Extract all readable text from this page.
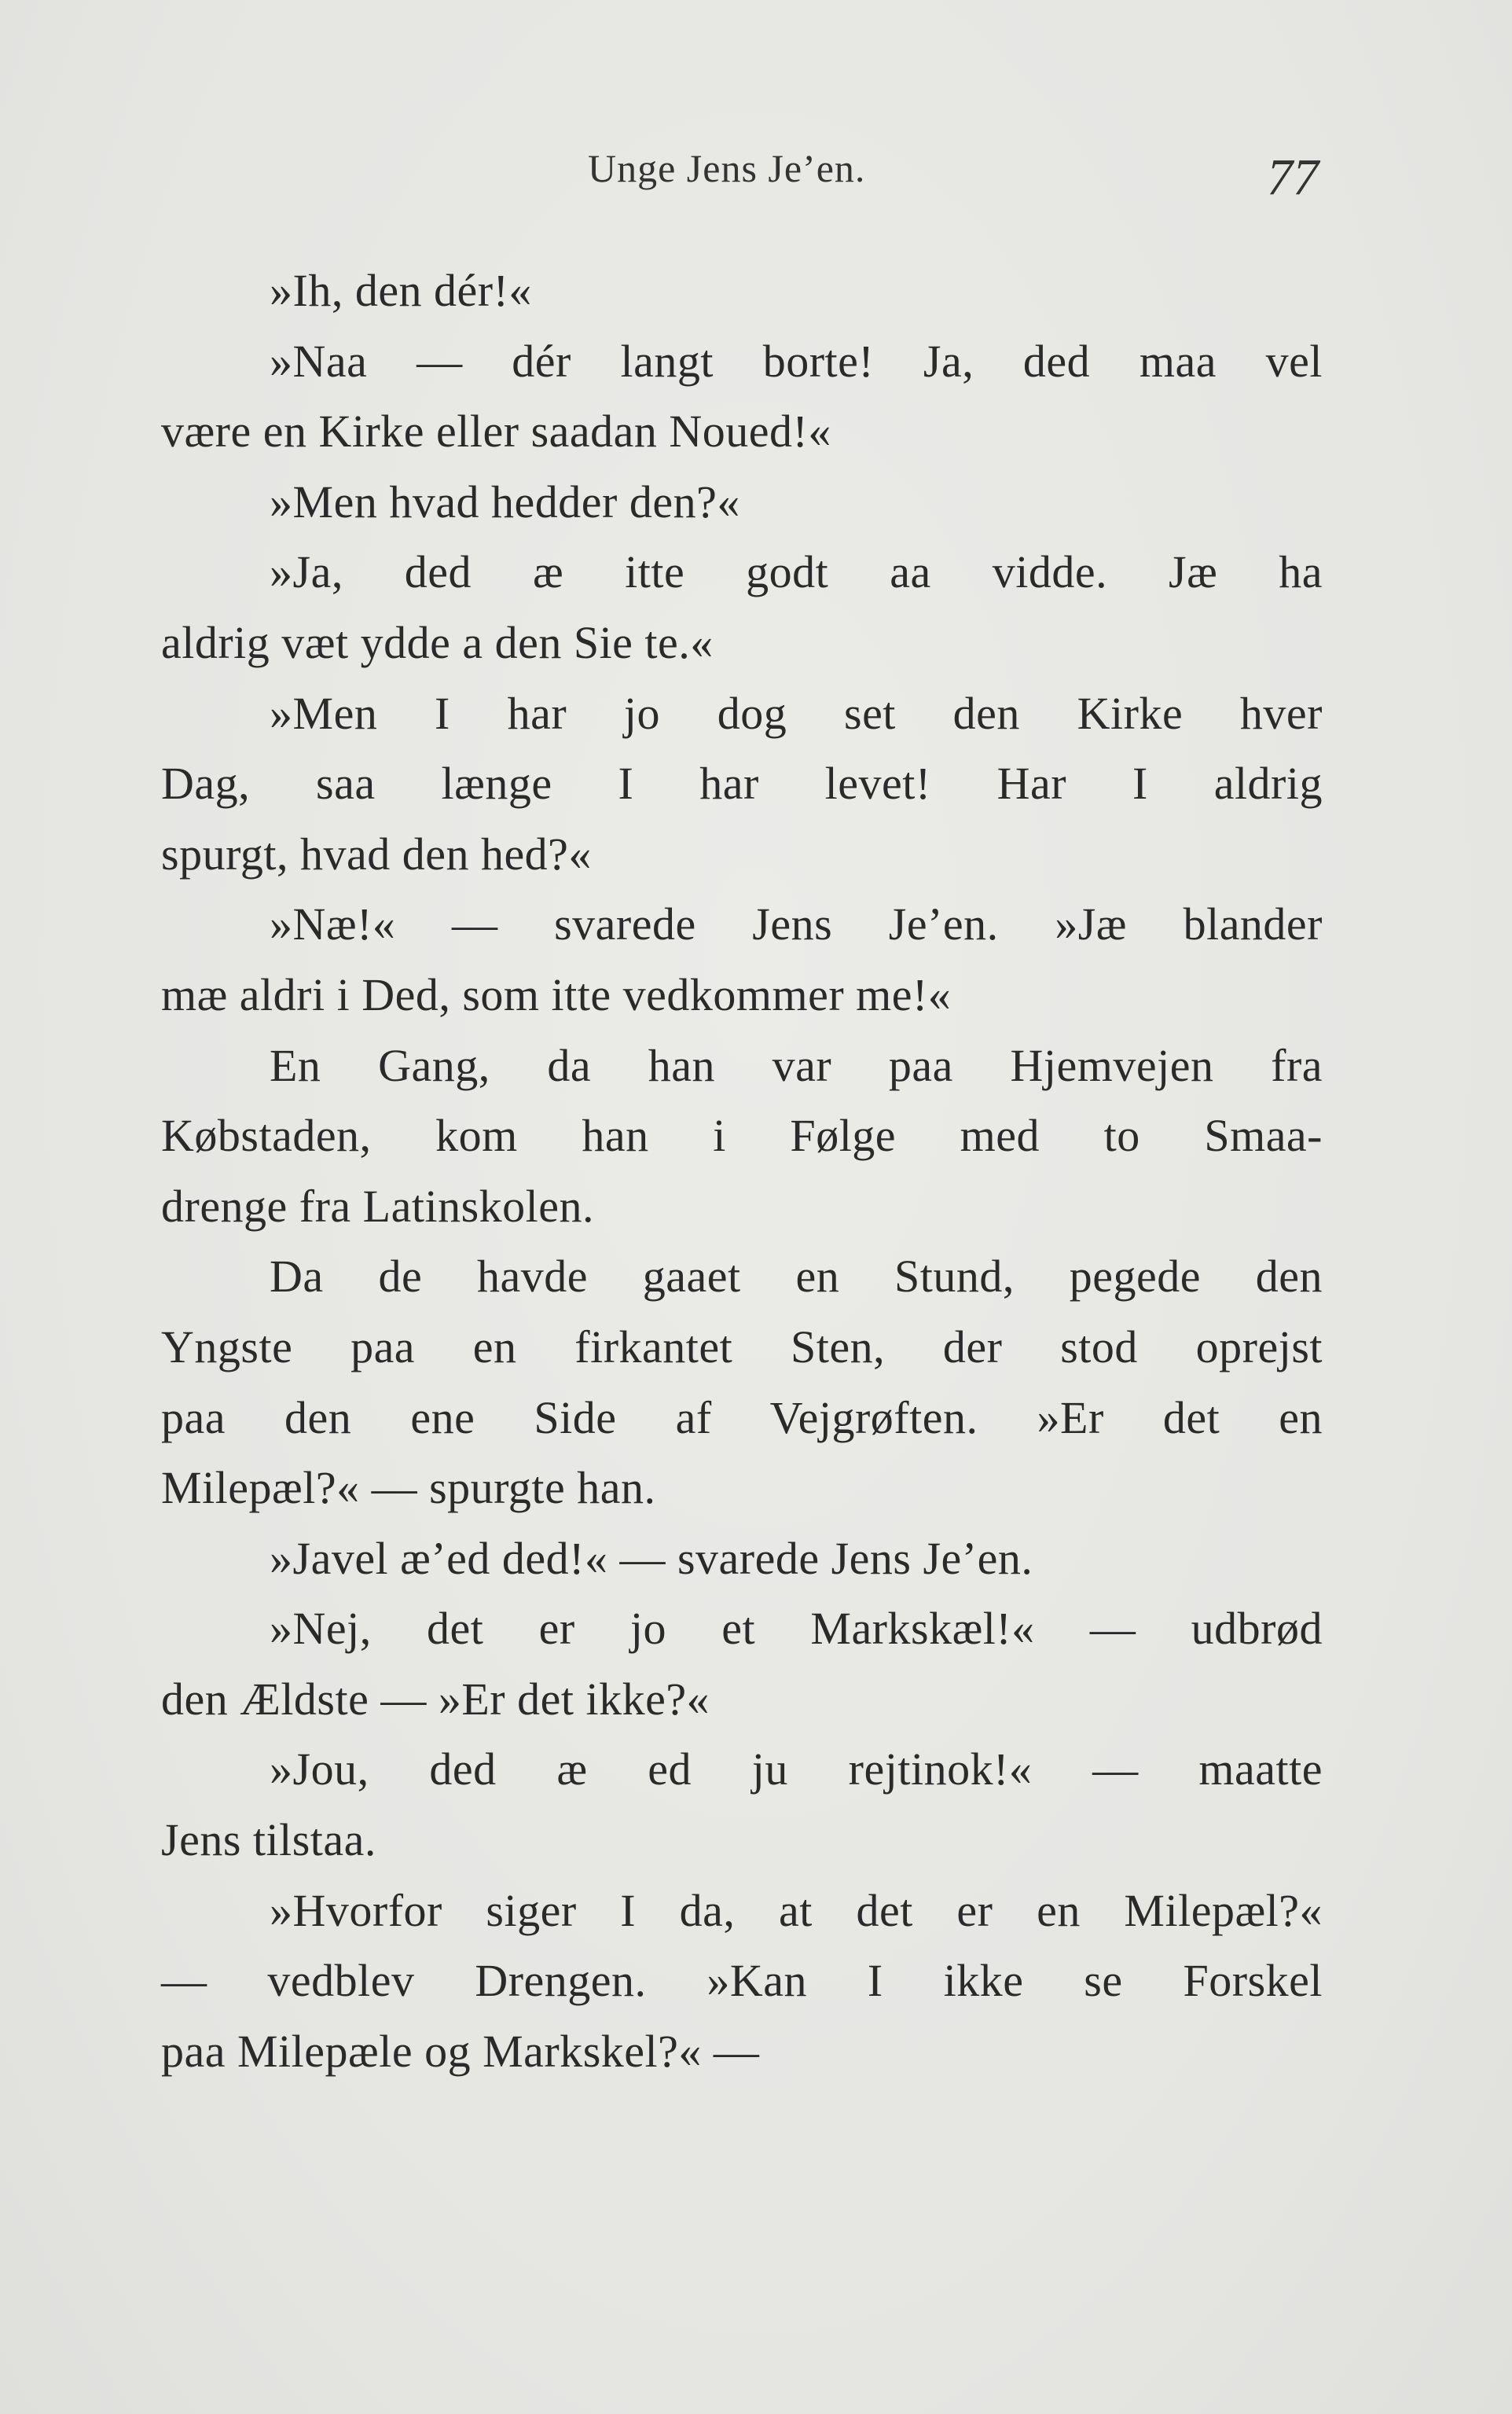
Unge Jens Je’en.	77
»Ih, den dér!«
»Naa — dér langt borte! Ja, ded maa vel
være en Kirke eller saadan Noued!«
»Men hvad hedder den?«
»Ja, ded æ itte godt aa vidde. Jæ ha
aldrig væt ydde a den Sie te.«
»Men I har jo dog set den Kirke hver
Dag, saa længe I har levet! Har I aldrig
spurgt, hvad den hed?«
»Næ!« — svarede Jens Je’en. »Jæ blander
mæ aldri i Ded, som itte vedkommer me!«
En Gang, da han var paa Hjemvejen fra
Købstaden, kom han i Følge med to Smaa-
drenge fra Latinskolen.
Da de havde gaaet en Stund, pegede den
Yngste paa en firkantet Sten, der stod oprejst
paa den ene Side af Vejgrøften. »Er det en
Milepæl?« — spurgte han.
»Javel æ’ed ded!« — svarede Jens Je’en.
»Nej, det er jo et Markskæl!« — udbrød
den Ældste — »Er det ikke?«
»Jou, ded æ ed ju rejtinok!« — maatte
Jens tilstaa.
»Hvorfor siger I da, at det er en Milepæl?«
— vedblev Drengen. »Kan I ikke se Forskel
paa Milepæle og Markskel?« —
